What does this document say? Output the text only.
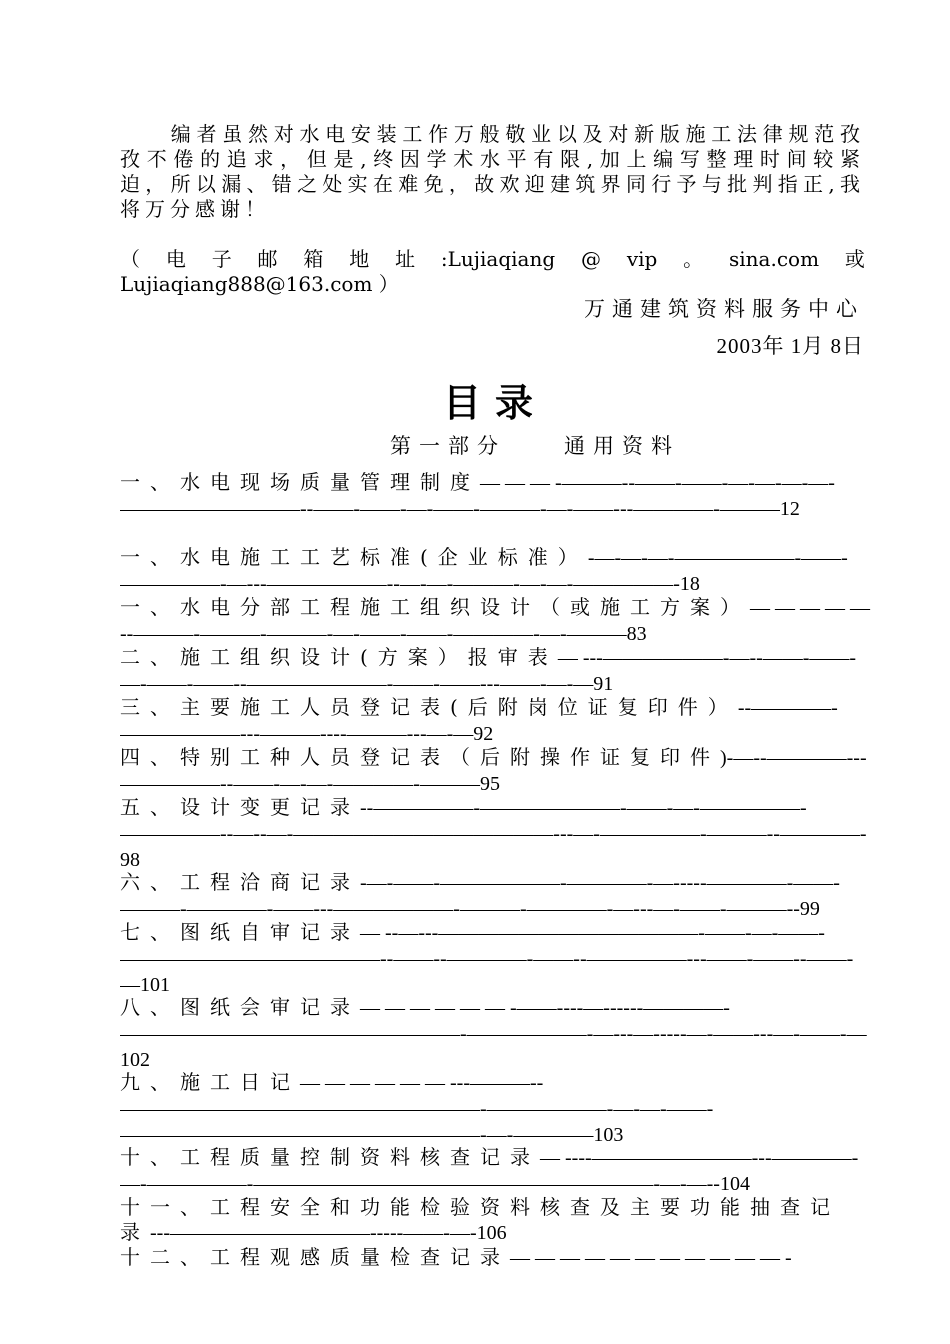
编者虽然对水电安装工作万般敬业以及对新版施工法律规范孜孜不倦的追求，但是,终因学术水平有限,加上编写整理时间较紧迫，所以漏、错之处实在难免，故欢迎建筑界同行予与批判指正,我将万分感谢！
（ 电 子 邮 箱 地 址 :Lujiaqiang @ vip 。 sina.com 或
Lujiaqiang888@163.com ）
万通建筑资料服务中心
2003年 1月 8日
目录
第一部分	通用资料
一、水电现场质量管理制度— — — -———--——-——-—-—-—-—-—————————--——-——-—-——-———-—-——---————-———12
一、水电施工工艺标准(企业标准）-—-—-—-——————-——-—————-—---——————--—-—-———-—-—-—————-18
一、水电分部工程施工组织设计（或施工方案）— — — — — --———-———-———-—-——-——-————-—-———83
二、施工组织设计(方案）报审表— ---——————-—--——-——-—-——-——--———————-——-——---——-—-—91
三、主要施工人员登记表(后附岗位证复印件）--————-——————---———----———---—-—92
四、特别工种人员登记表（后附操作证复印件)-—--————---—————--——-—-—-————-———95
五、设计变更记录--—————-———————-——-—-—————-—————--—--—-—————————————---—-—————-———--————-98
六、工程洽商记录-—-——-——————-————-—-----————-——-———-————-——---——————-———-————-—---—-——-———--99
七、图纸自审记录— --—---—————————————-——-—-——-—————————————--——--————-——--—————---——-——--——-—101
八、图纸会审记录— — — — — — -——----—------————-—————————————————-——————-—---—-----—-——---—-——-—102
九、施工日记— — — — — — ---———--——————————————————-——————-—-—-——-——————————————————-—-————103
十、工程质量控制资料核查记录— ----————————---————-—-—————-————————————————————-—-—--104
十一、工程安全和功能检验资料核查及主要功能抽查记录---——————————-----——-—-106
十二、工程观感质量检查记录— — — — — — — — — — — -
